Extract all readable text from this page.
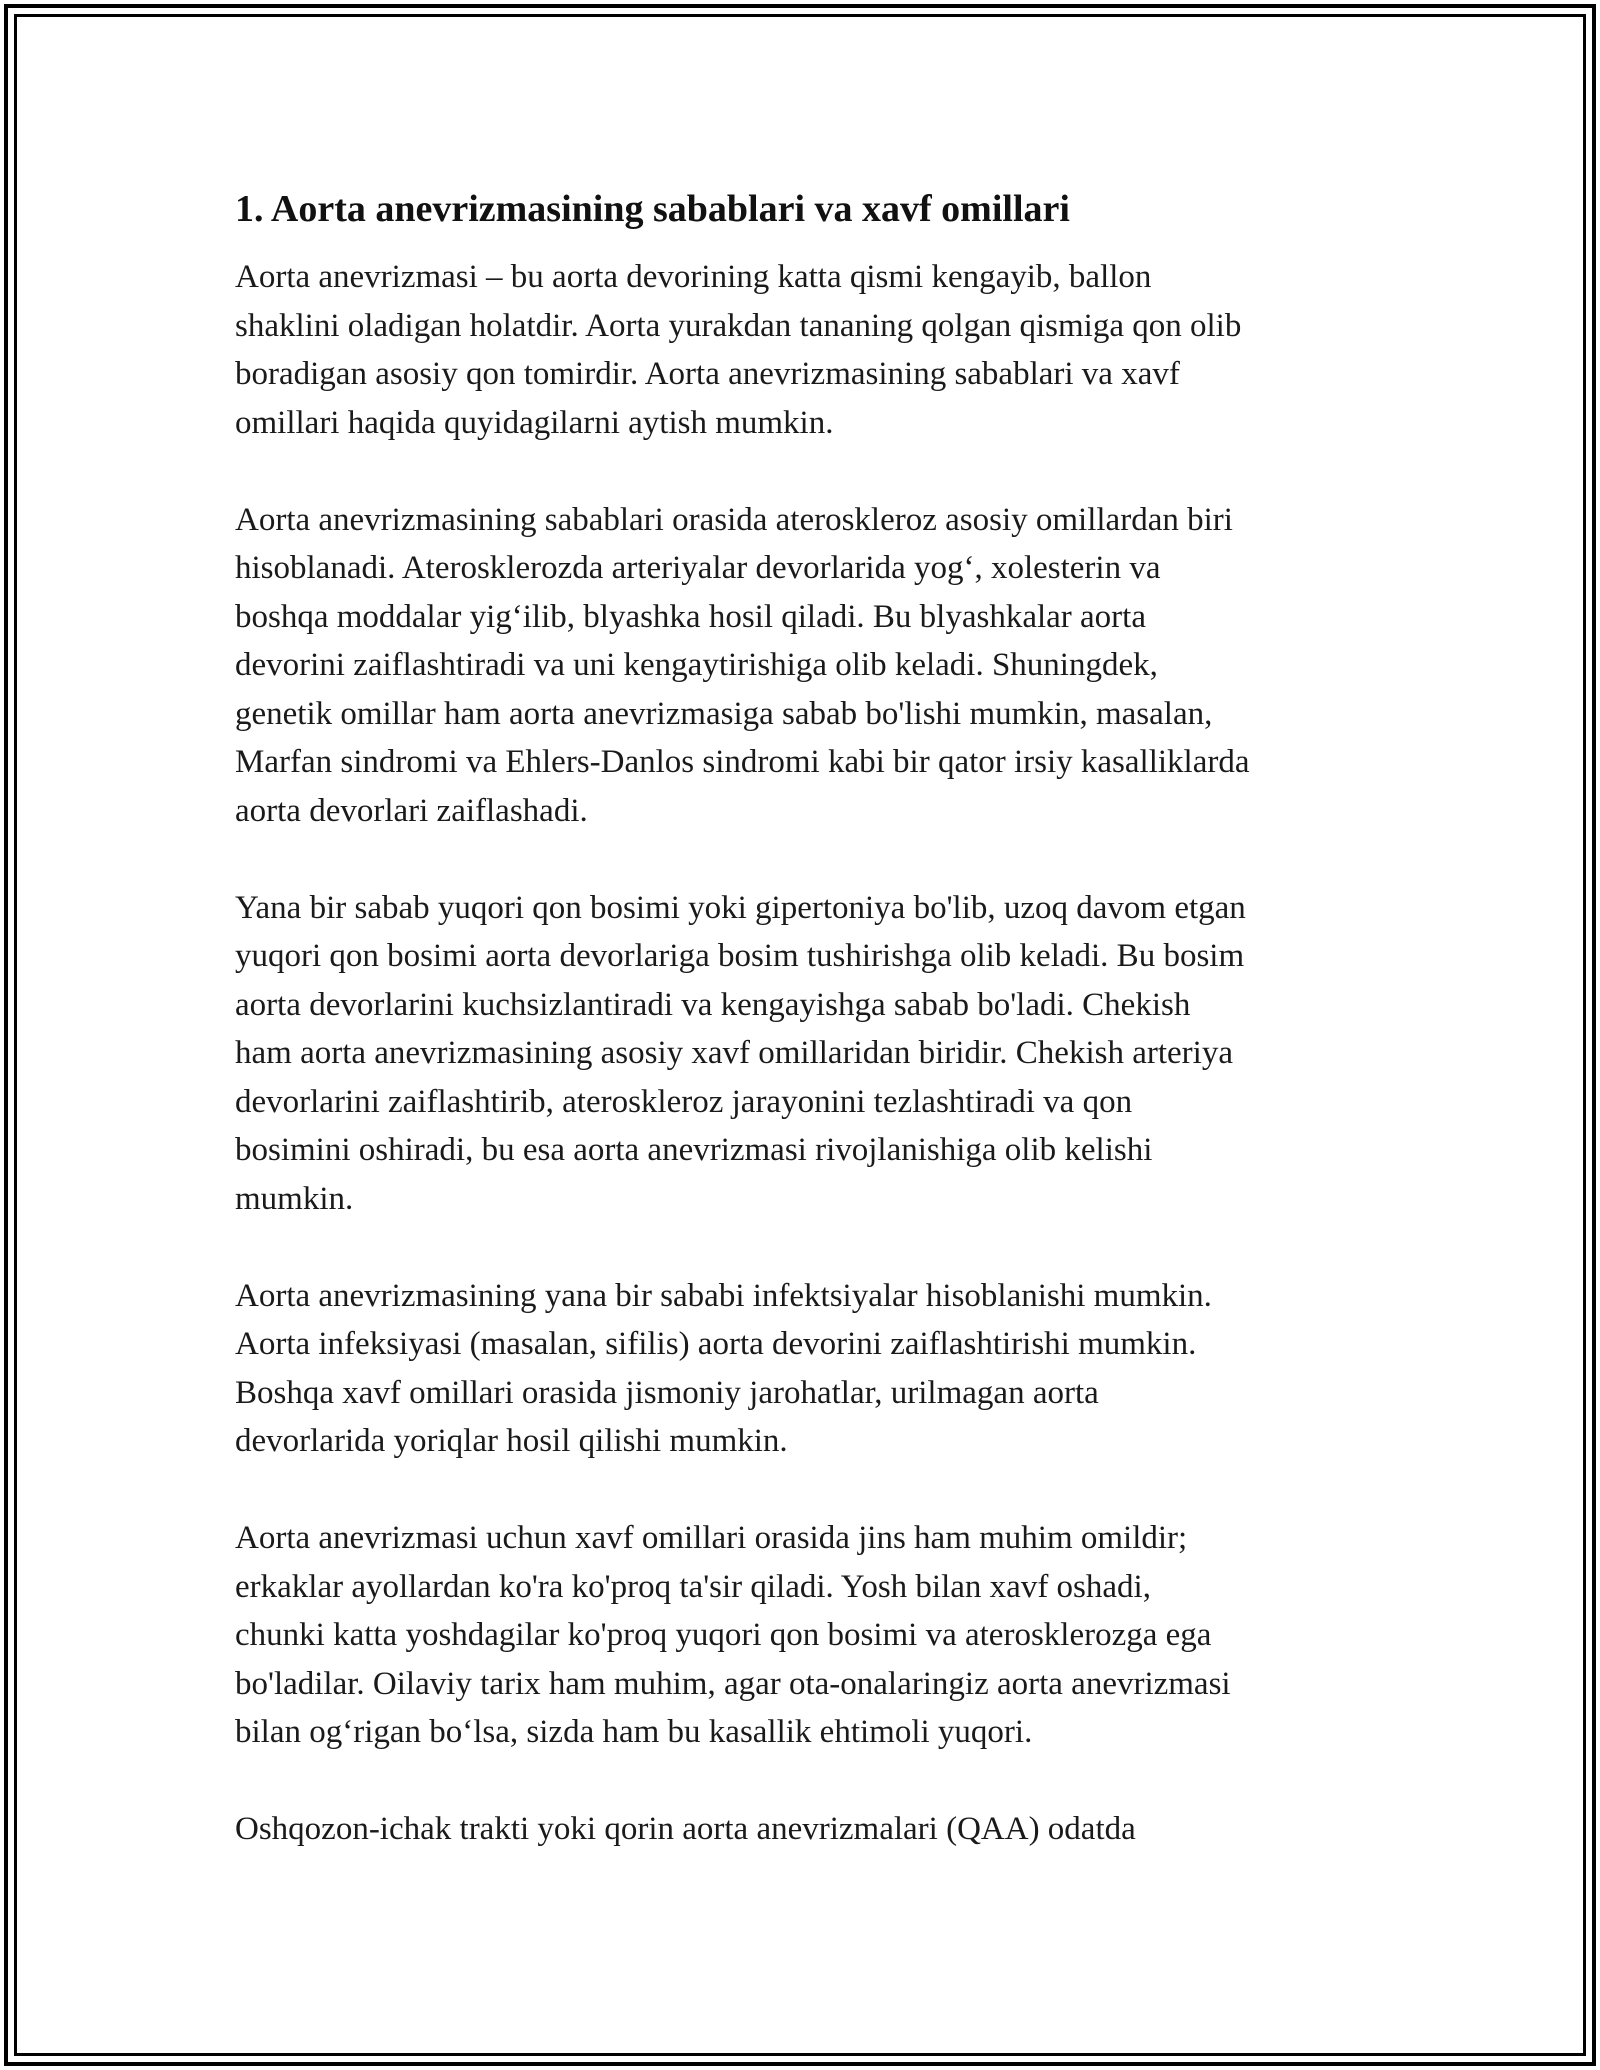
1. Aorta anevrizmasining sabablari va xavf omillari
Aorta anevrizmasi – bu aorta devorining katta qismi kengayib, ballon
shaklini oladigan holatdir. Aorta yurakdan tananing qolgan qismiga qon olib
boradigan asosiy qon tomirdir. Aorta anevrizmasining sabablari va xavf
omillari haqida quyidagilarni aytish mumkin.
Aorta anevrizmasining sabablari orasida ateroskleroz asosiy omillardan biri
hisoblanadi. Aterosklerozda arteriyalar devorlarida yog‘, xolesterin va
boshqa moddalar yig‘ilib, blyashka hosil qiladi. Bu blyashkalar aorta
devorini zaiflashtiradi va uni kengaytirishiga olib keladi. Shuningdek,
genetik omillar ham aorta anevrizmasiga sabab bo'lishi mumkin, masalan,
Marfan sindromi va Ehlers-Danlos sindromi kabi bir qator irsiy kasalliklarda
aorta devorlari zaiflashadi.
Yana bir sabab yuqori qon bosimi yoki gipertoniya bo'lib, uzoq davom etgan
yuqori qon bosimi aorta devorlariga bosim tushirishga olib keladi. Bu bosim
aorta devorlarini kuchsizlantiradi va kengayishga sabab bo'ladi. Chekish
ham aorta anevrizmasining asosiy xavf omillaridan biridir. Chekish arteriya
devorlarini zaiflashtirib, ateroskleroz jarayonini tezlashtiradi va qon
bosimini oshiradi, bu esa aorta anevrizmasi rivojlanishiga olib kelishi
mumkin.
Aorta anevrizmasining yana bir sababi infektsiyalar hisoblanishi mumkin.
Aorta infeksiyasi (masalan, sifilis) aorta devorini zaiflashtirishi mumkin.
Boshqa xavf omillari orasida jismoniy jarohatlar, urilmagan aorta
devorlarida yoriqlar hosil qilishi mumkin.
Aorta anevrizmasi uchun xavf omillari orasida jins ham muhim omildir;
erkaklar ayollardan ko'ra ko'proq ta'sir qiladi. Yosh bilan xavf oshadi,
chunki katta yoshdagilar ko'proq yuqori qon bosimi va aterosklerozga ega
bo'ladilar. Oilaviy tarix ham muhim, agar ota-onalaringiz aorta anevrizmasi
bilan og‘rigan bo‘lsa, sizda ham bu kasallik ehtimoli yuqori.
Oshqozon-ichak trakti yoki qorin aorta anevrizmalari (QAA) odatda
